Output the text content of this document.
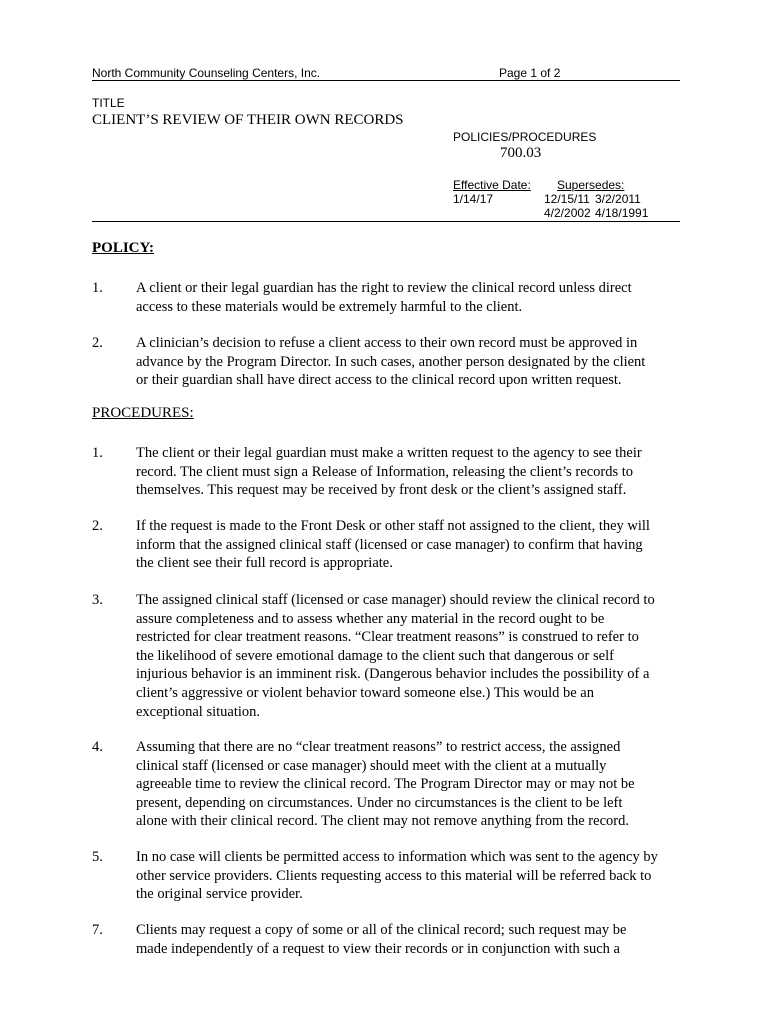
North Community Counseling Centers, Inc.	Page 1 of 2
TITLE
CLIENT’S REVIEW OF THEIR OWN RECORDS
POLICIES/PROCEDURES
700.03
Effective Date: Supersedes:
1/14/17	12/15/11 3/2/2011
4/2/2002 4/18/1991
POLICY:
1. A client or their legal guardian has the right to review the clinical record unless direct
access to these materials would be extremely harmful to the client.
2. A clinician’s decision to refuse a client access to their own record must be approved in
advance by the Program Director. In such cases, another person designated by the client
or their guardian shall have direct access to the clinical record upon written request.
PROCEDURES:
1. The client or their legal guardian must make a written request to the agency to see their
record. The client must sign a Release of Information, releasing the client’s records to
themselves. This request may be received by front desk or the client’s assigned staff.
2. If the request is made to the Front Desk or other staff not assigned to the client, they will
inform that the assigned clinical staff (licensed or case manager) to confirm that having
the client see their full record is appropriate.
3. The assigned clinical staff (licensed or case manager) should review the clinical record to
assure completeness and to assess whether any material in the record ought to be
restricted for clear treatment reasons. “Clear treatment reasons” is construed to refer to
the likelihood of severe emotional damage to the client such that dangerous or self
injurious behavior is an imminent risk. (Dangerous behavior includes the possibility of a
client’s aggressive or violent behavior toward someone else.) This would be an
exceptional situation.
4. Assuming that there are no “clear treatment reasons” to restrict access, the assigned
clinical staff (licensed or case manager) should meet with the client at a mutually
agreeable time to review the clinical record. The Program Director may or may not be
present, depending on circumstances. Under no circumstances is the client to be left
alone with their clinical record. The client may not remove anything from the record.
5. In no case will clients be permitted access to information which was sent to the agency by
other service providers. Clients requesting access to this material will be referred back to
the original service provider.
7. Clients may request a copy of some or all of the clinical record; such request may be
made independently of a request to view their records or in conjunction with such a
